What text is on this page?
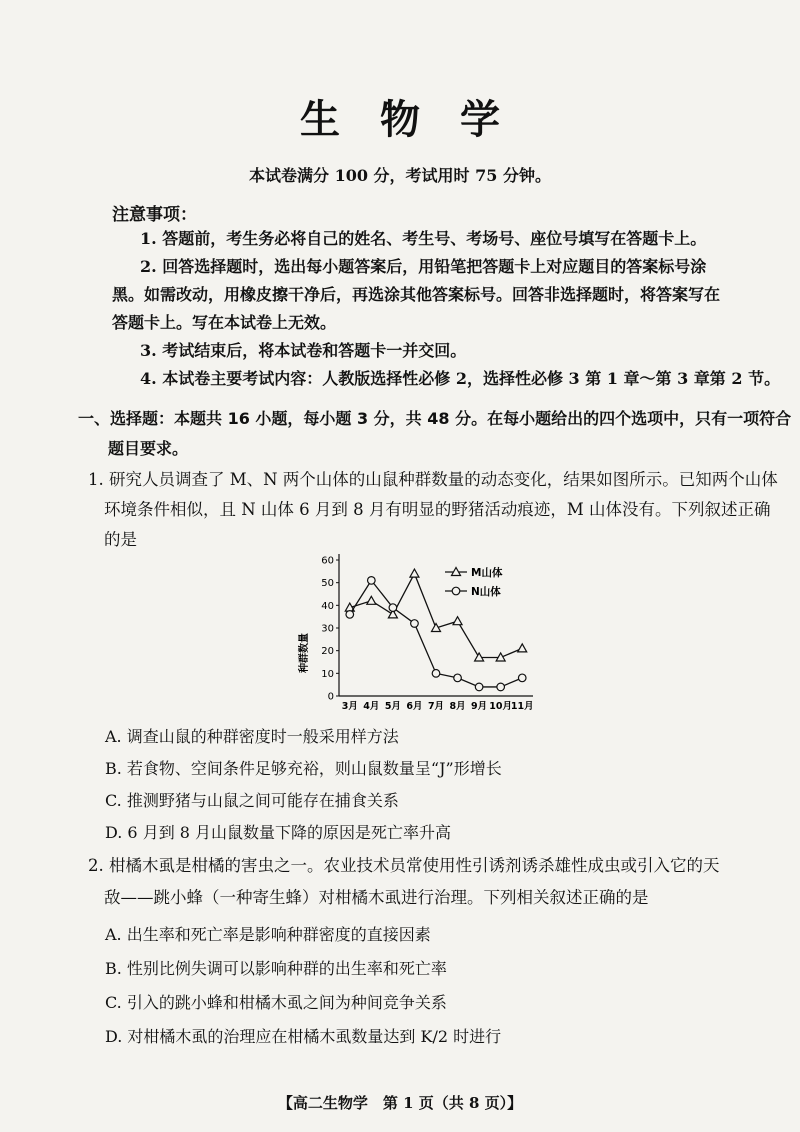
生　物　学
本试卷满分 100 分，考试用时 75 分钟。
注意事项：
1. 答题前，考生务必将自己的姓名、考生号、考场号、座位号填写在答题卡上。
2. 回答选择题时，选出每小题答案后，用铅笔把答题卡上对应题目的答案标号涂
黑。如需改动，用橡皮擦干净后，再选涂其他答案标号。回答非选择题时，将答案写在
答题卡上。写在本试卷上无效。
3. 考试结束后，将本试卷和答题卡一并交回。
4. 本试卷主要考试内容：人教版选择性必修 2，选择性必修 3 第 1 章～第 3 章第 2 节。
一、选择题：本题共 16 小题，每小题 3 分，共 48 分。在每小题给出的四个选项中，只有一项符合
题目要求。
1. 研究人员调查了 M、N 两个山体的山鼠种群数量的动态变化，结果如图所示。已知两个山体
环境条件相似，且 N 山体 6 月到 8 月有明显的野猪活动痕迹，M 山体没有。下列叙述正确
的是
种群数量
0
10
20
30
40
50
60
3月 4月 5月 6月 7月 8月 9月 10月
11月
M山体
N山体
A. 调查山鼠的种群密度时一般采用样方法
B. 若食物、空间条件足够充裕，则山鼠数量呈“J”形增长
C. 推测野猪与山鼠之间可能存在捕食关系
D. 6 月到 8 月山鼠数量下降的原因是死亡率升高
2. 柑橘木虱是柑橘的害虫之一。农业技术员常使用性引诱剂诱杀雄性成虫或引入它的天
敌——跳小蜂（一种寄生蜂）对柑橘木虱进行治理。下列相关叙述正确的是
A. 出生率和死亡率是影响种群密度的直接因素
B. 性别比例失调可以影响种群的出生率和死亡率
C. 引入的跳小蜂和柑橘木虱之间为种间竞争关系
D. 对柑橘木虱的治理应在柑橘木虱数量达到 K/2 时进行
【高二生物学　第 1 页（共 8 页）】
